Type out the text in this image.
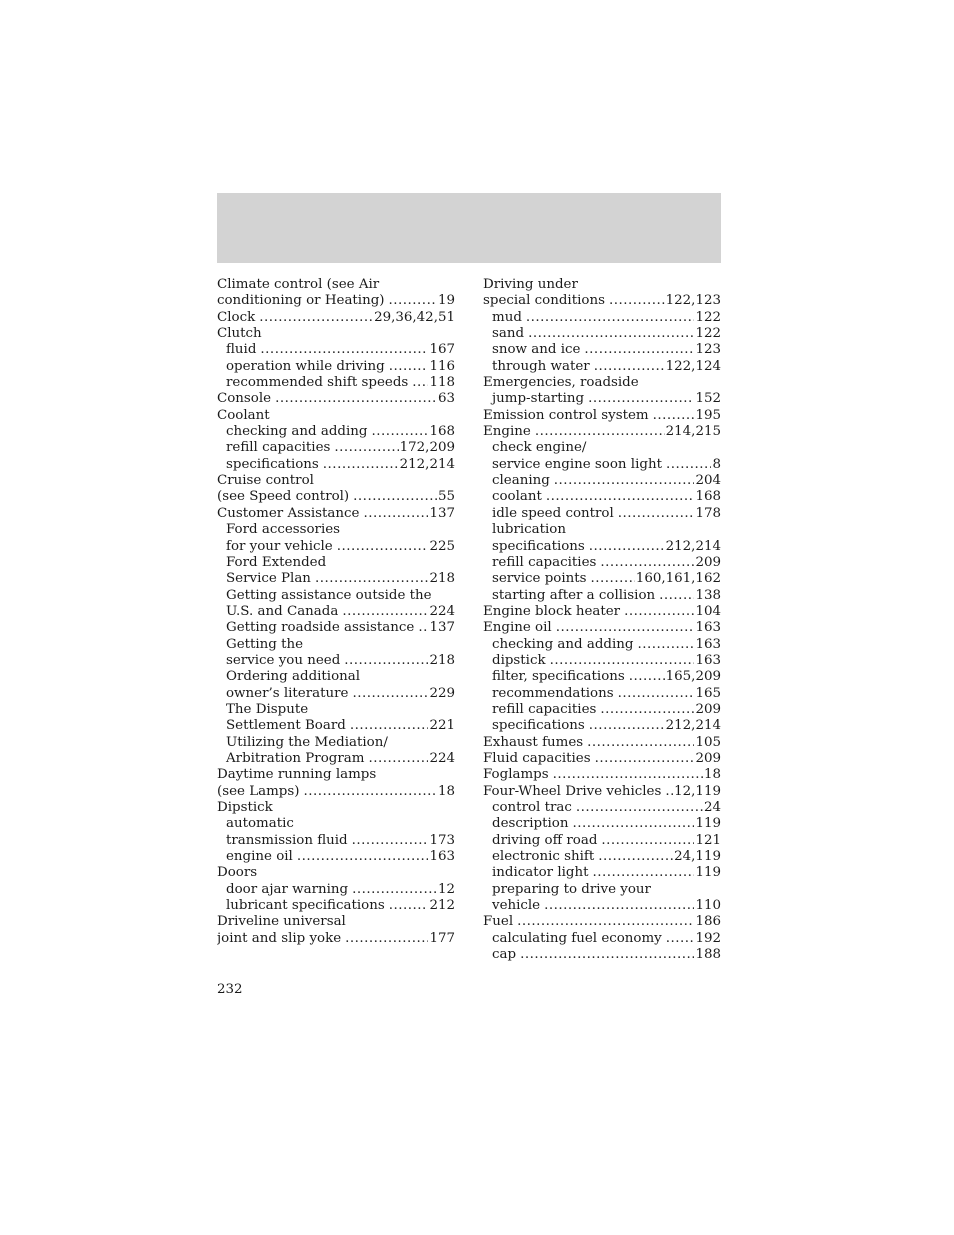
Climate control (see Air
conditioning or Heating) .....	19
Clock .....	29,36,42,51
Clutch
fluid .....	167
operation while driving .....	116
recommended shift speeds ..... 118
Console .....	63
Coolant
checking and adding .....	168
refill capacities .....	172,209
specifications .....	212,214
Cruise control
(see Speed control) .....	55
Customer Assistance .....	137
Ford accessories
for your vehicle .....	225
Ford Extended
Service Plan .....	218
Getting assistance outside the
U.S. and Canada .....	224
Getting roadside assistance ..... 137
Getting the
service you need .....	218
Ordering additional
owner’s literature .....	229
The Dispute
Settlement Board .....	221
Utilizing the Mediation/
Arbitration Program .....	224
Daytime running lamps
(see Lamps) .....	18
Dipstick
automatic
transmission fluid .....	173
engine oil .....	163
Doors
door ajar warning .....	12
lubricant specifications .....	212
Driveline universal
joint and slip yoke .....	177
Driving under
special conditions .....	122,123
mud .....	122
sand .....	122
snow and ice .....	123
through water .....	122,124
Emergencies, roadside
jump-starting .....	152
Emission control system .....	195
Engine .....	214,215
check engine/
service engine soon light .....	8
cleaning .....	204
coolant .....	168
idle speed control .....	178
lubrication
specifications .....	212,214
refill capacities .....	209
service points .....	160,161,162
starting after a collision .....	138
Engine block heater .....	104
Engine oil .....	163
checking and adding .....	163
dipstick .....	163
filter, specifications .....	165,209
recommendations .....	165
refill capacities .....	209
specifications .....	212,214
Exhaust fumes .....	105
Fluid capacities .....	209
Foglamps .....	18
Four-Wheel Drive vehicles ..... 12,119
control trac .....	24
description .....	119
driving off road .....	121
electronic shift .....	24,119
indicator light .....	119
preparing to drive your
vehicle .....	110
Fuel .....	186
calculating fuel economy .....	192
cap .....	188
232
